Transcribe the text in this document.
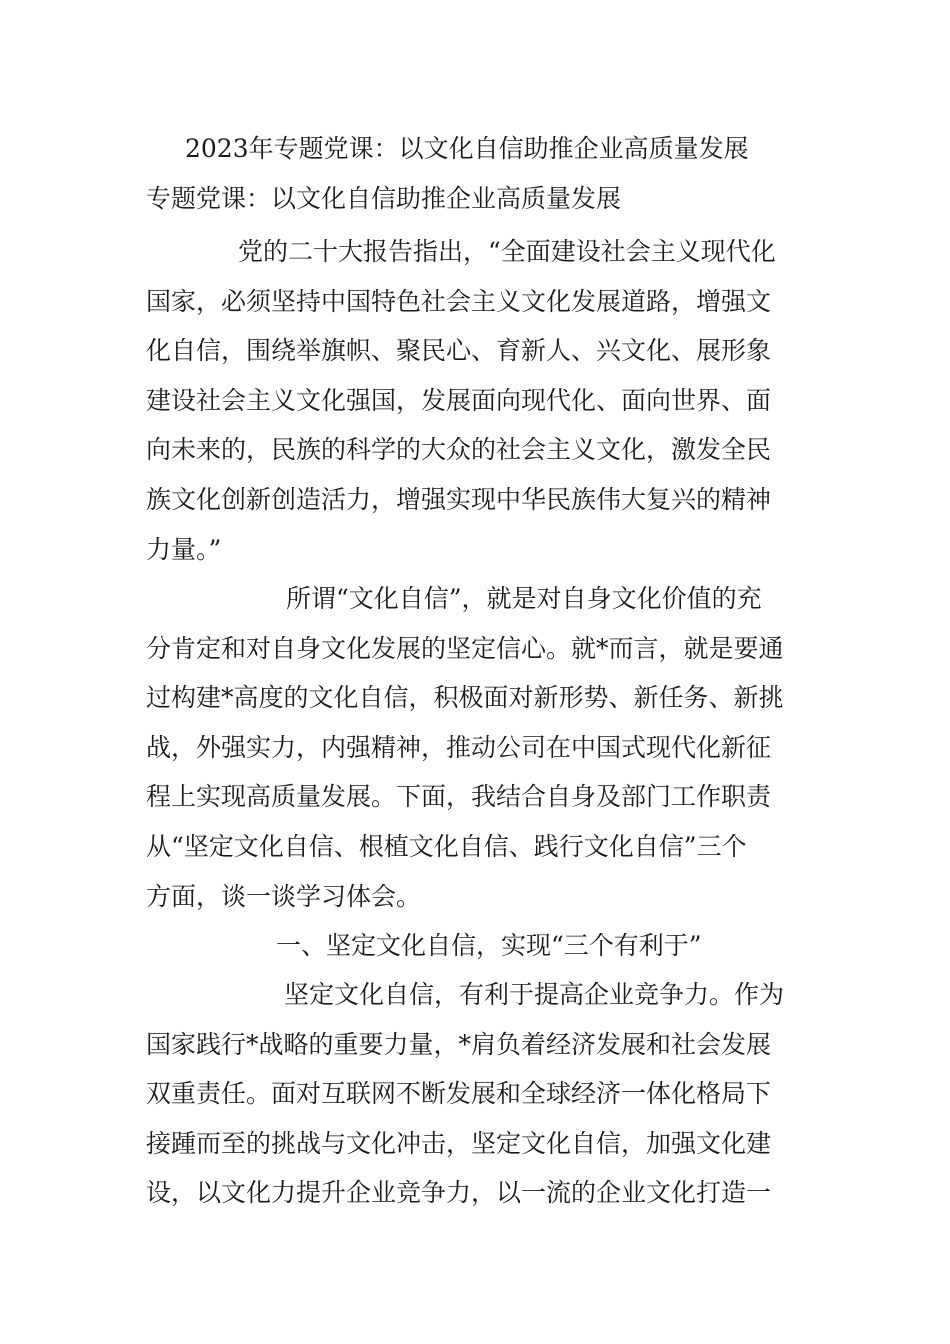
2023年专题党课：以文化自信助推企业高质量发展
专题党课：以文化自信助推企业高质量发展
党的二十大报告指出，“全面建设社会主义现代化
国家，必须坚持中国特色社会主义文化发展道路，增强文
化自信，围绕举旗帜、聚民心、育新人、兴文化、展形象
建设社会主义文化强国，发展面向现代化、面向世界、面
向未来的，民族的科学的大众的社会主义文化，激发全民
族文化创新创造活力，增强实现中华民族伟大复兴的精神
力量。”
所谓“文化自信”，就是对自身文化价值的充
分肯定和对自身文化发展的坚定信心。就*而言，就是要通
过构建*高度的文化自信，积极面对新形势、新任务、新挑
战，外强实力，内强精神，推动公司在中国式现代化新征
程上实现高质量发展。下面，我结合自身及部门工作职责
从“坚定文化自信、根植文化自信、践行文化自信”三个
方面，谈一谈学习体会。
一、坚定文化自信，实现“三个有利于”
坚定文化自信，有利于提高企业竞争力。作为
国家践行*战略的重要力量，*肩负着经济发展和社会发展
双重责任。面对互联网不断发展和全球经济一体化格局下
接踵而至的挑战与文化冲击，坚定文化自信，加强文化建
设，以文化力提升企业竞争力，以一流的企业文化打造一
